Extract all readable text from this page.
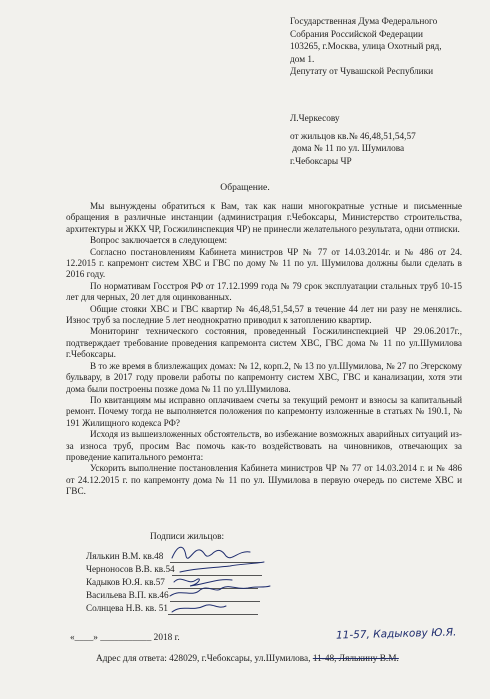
Государственная Дума Федерального
Собрания Российской Федерации
103265, г.Москва, улица Охотный ряд,
дом 1.
Депутату от Чувашской Республики
Л.Черкесову
от жильцов кв.№ 46,48,51,54,57
дома № 11 по ул. Шумилова
г.Чебоксары ЧР
Обращение.

Мы вынуждены обратиться к Вам, так как наши многократные устные и письменные обращения в различные инстанции (администрация г.Чебоксары, Министерство строительства, архитектуры и ЖКХ ЧР, Госжилинспекция ЧР) не принесли желательного результата, одни отписки.

Вопрос заключается в следующем:

Согласно постановлениям Кабинета министров ЧР № 77 от 14.03.2014г. и № 486 от 24. 12.2015 г. капремонт систем ХВС и ГВС по дому № 11 по ул. Шумилова должны были сделать в 2016 году.

По нормативам Госстроя РФ от 17.12.1999 года № 79 срок эксплуатации стальных труб 10-15 лет для черных, 20 лет для оцинкованных.

Общие стояки ХВС и ГВС квартир № 46,48,51,54,57 в течение 44 лет ни разу не менялись. Износ труб за последние 5 лет неоднократно приводил к затоплению квартир.

Мониторинг технического состояния, проведенный Госжилинспекцией ЧР 29.06.2017г., подтверждает требование проведения капремонта систем ХВС, ГВС дома № 11 по ул.Шумилова г.Чебоксары.

В то же время в близлежащих домах: № 12, корп.2, № 13 по ул.Шумилова, № 27 по Эгерскому бульвару, в 2017 году провели работы по капремонту систем ХВС, ГВС и канализации, хотя эти дома были построены позже дома № 11 по ул.Шумилова.

По квитанциям мы исправно оплачиваем счеты за текущий ремонт и взносы за капитальный ремонт. Почему тогда не выполняется положения по капремонту изложенные в статьях № 190.1, № 191 Жилищного кодекса РФ?

Исходя из вышеизложенных обстоятельств, во избежание возможных аварийных ситуаций из-за износа труб, просим Вас помочь как-то воздействовать на чиновников, отвечающих за проведение капитального ремонта:

Ускорить выполнение постановления Кабинета министров ЧР № 77 от 14.03.2014 г. и № 486 от 24.12.2015 г. по капремонту дома № 11 по ул. Шумилова в первую очередь по системе ХВС и ГВС.

Подписи жильцов:
Лялькин В.М. кв.48
Черноносов В.В. кв.54
Кадыков Ю.Я. кв.57
Васильева В.П. кв.46
Солнцева Н.В. кв. 51
«____» ___________ 2018 г.	11-57, Кадыкову Ю.Я.
Адрес для ответа: 428029, г.Чебоксары, ул.Шумилова, 11-48, Лялькину В.М.
